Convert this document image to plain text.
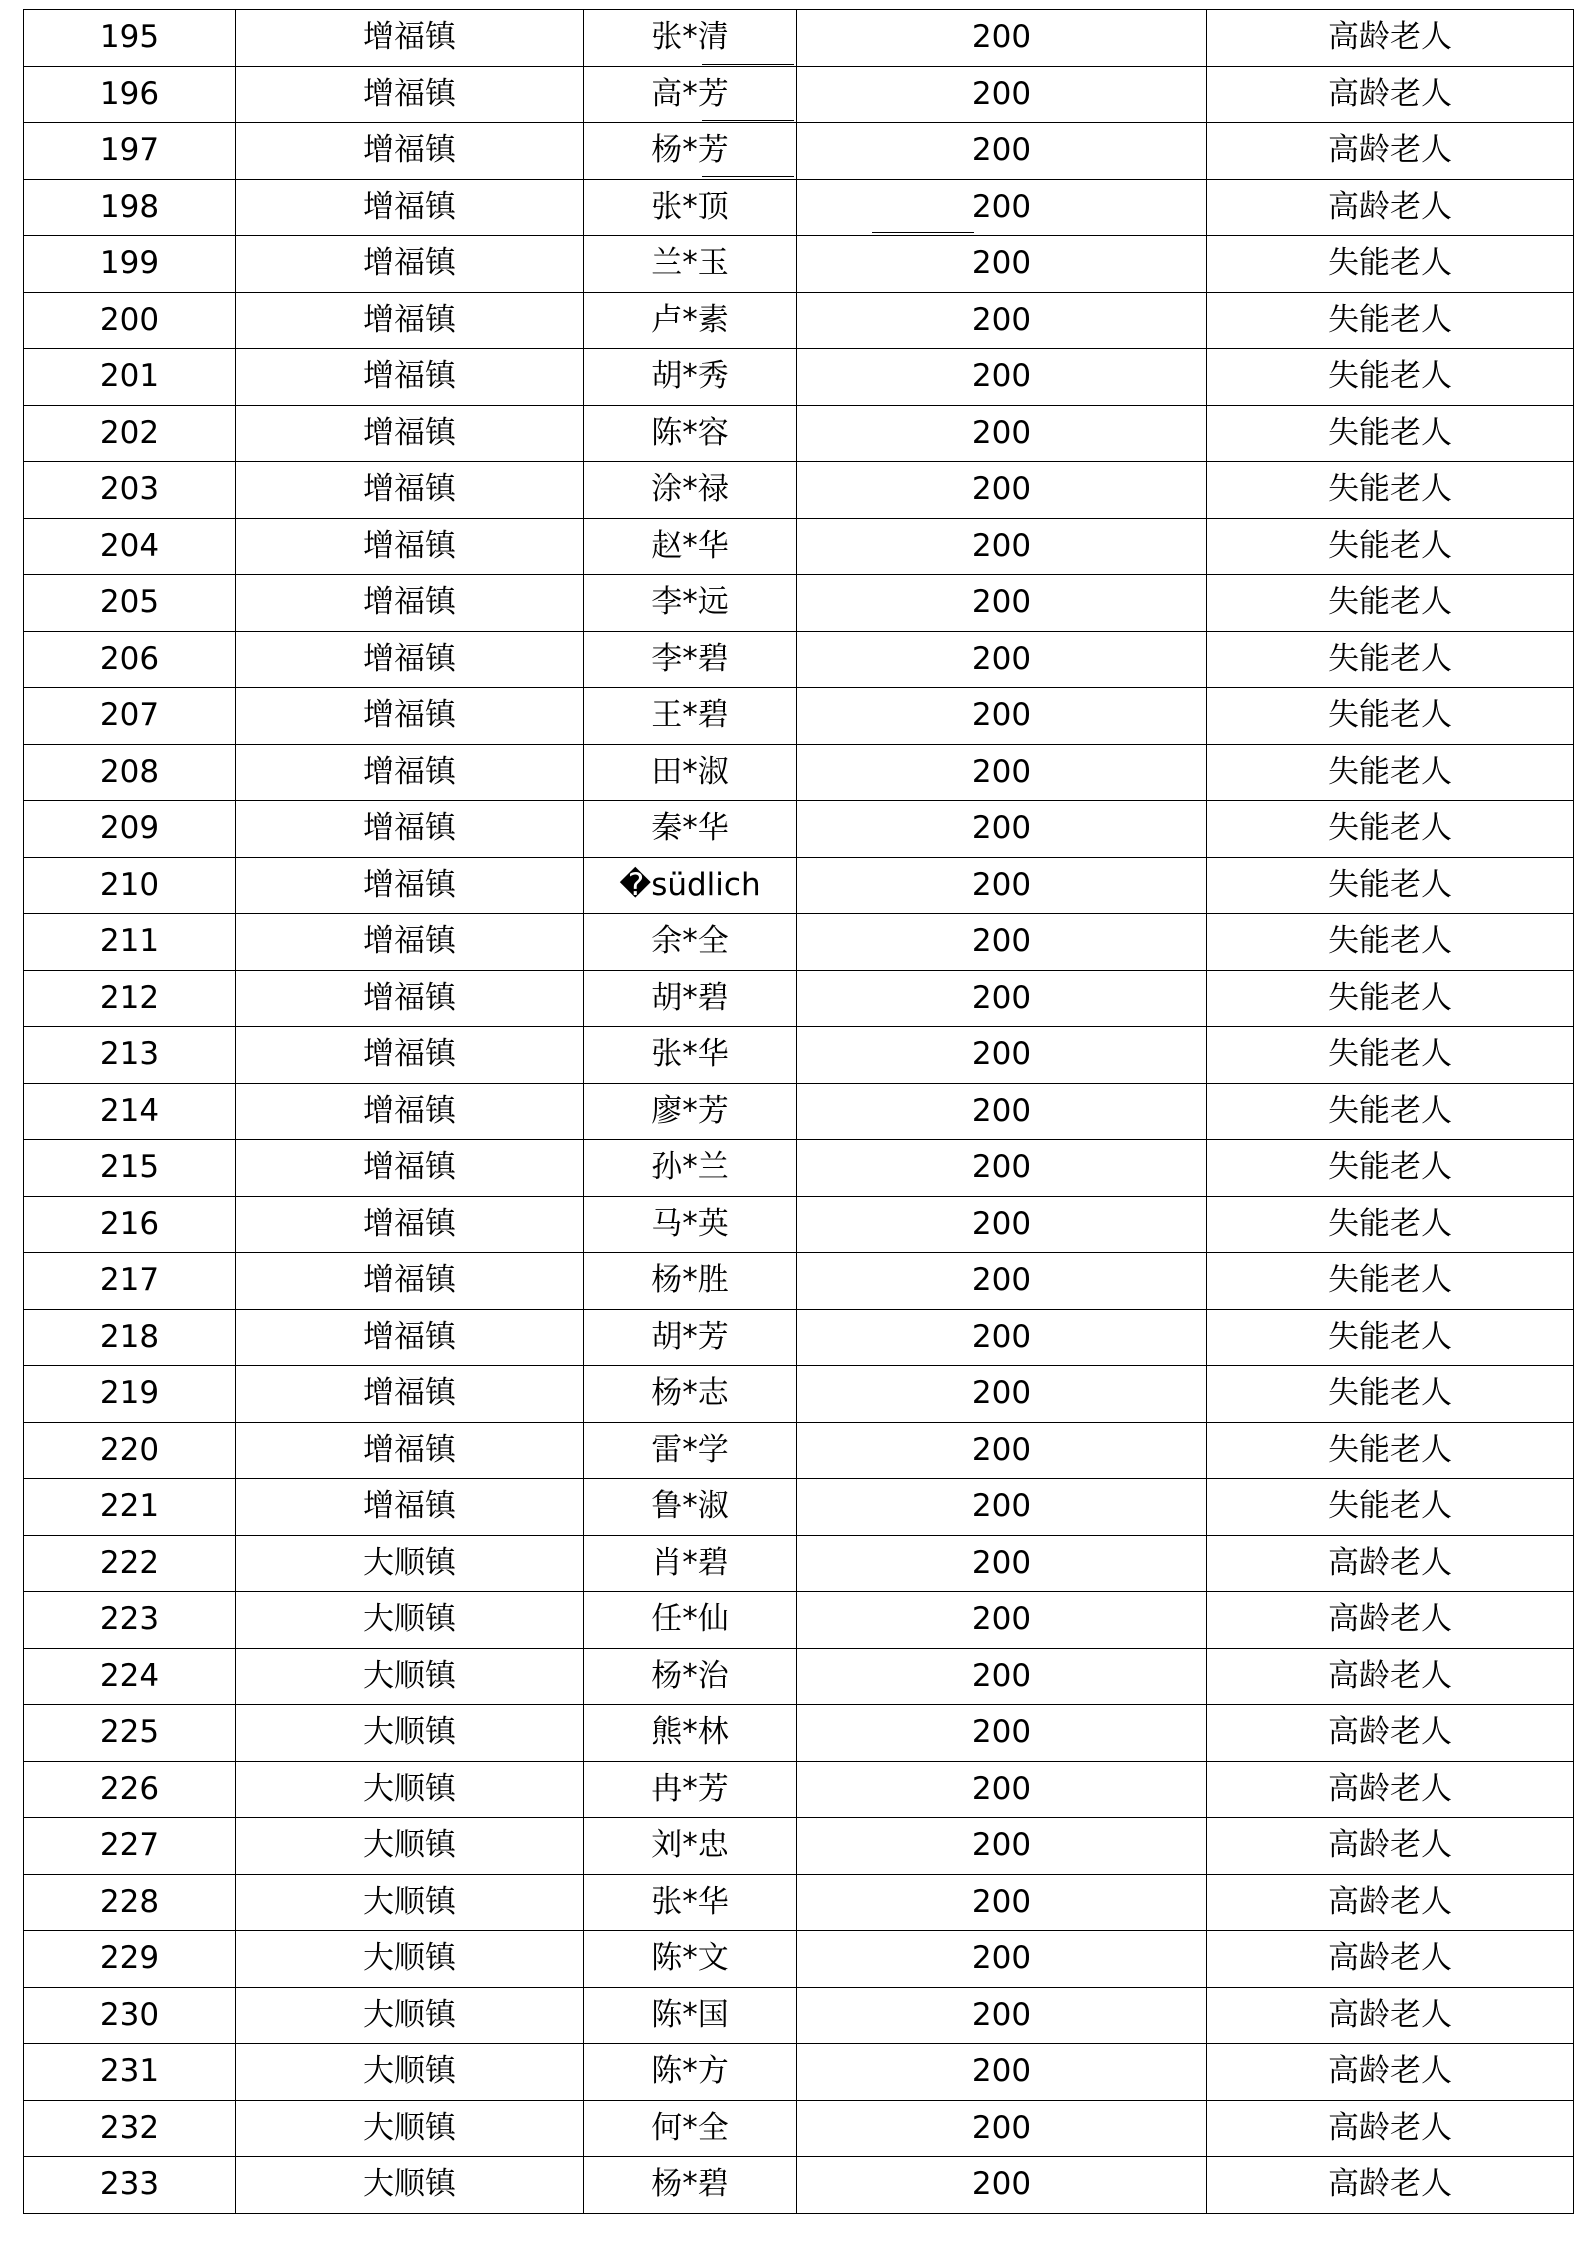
195	增福镇	张*清	200	高龄老人
196	增福镇	高*芳	200	高龄老人
197	增福镇	杨*芳	200	高龄老人
198	增福镇	张*顶	200	高龄老人
199	增福镇	兰*玉	200	失能老人
200	增福镇	卢*素	200	失能老人
201	增福镇	胡*秀	200	失能老人
202	增福镇	陈*容	200	失能老人
203	增福镇	涂*禄	200	失能老人
204	增福镇	赵*华	200	失能老人
205	增福镇	李*远	200	失能老人
206	增福镇	李*碧	200	失能老人
207	增福镇	王*碧	200	失能老人
208	增福镇	田*淑	200	失能老人
209	增福镇	秦*华	200	失能老人
210	增福镇	�südlich	200	失能老人
211	增福镇	余*全	200	失能老人
212	增福镇	胡*碧	200	失能老人
213	增福镇	张*华	200	失能老人
214	增福镇	廖*芳	200	失能老人
215	增福镇	孙*兰	200	失能老人
216	增福镇	马*英	200	失能老人
217	增福镇	杨*胜	200	失能老人
218	增福镇	胡*芳	200	失能老人
219	增福镇	杨*志	200	失能老人
220	增福镇	雷*学	200	失能老人
221	增福镇	鲁*淑	200	失能老人
222	大顺镇	肖*碧	200	高龄老人
223	大顺镇	任*仙	200	高龄老人
224	大顺镇	杨*治	200	高龄老人
225	大顺镇	熊*林	200	高龄老人
226	大顺镇	冉*芳	200	高龄老人
227	大顺镇	刘*忠	200	高龄老人
228	大顺镇	张*华	200	高龄老人
229	大顺镇	陈*文	200	高龄老人
230	大顺镇	陈*国	200	高龄老人
231	大顺镇	陈*方	200	高龄老人
232	大顺镇	何*全	200	高龄老人
233	大顺镇	杨*碧	200	高龄老人
